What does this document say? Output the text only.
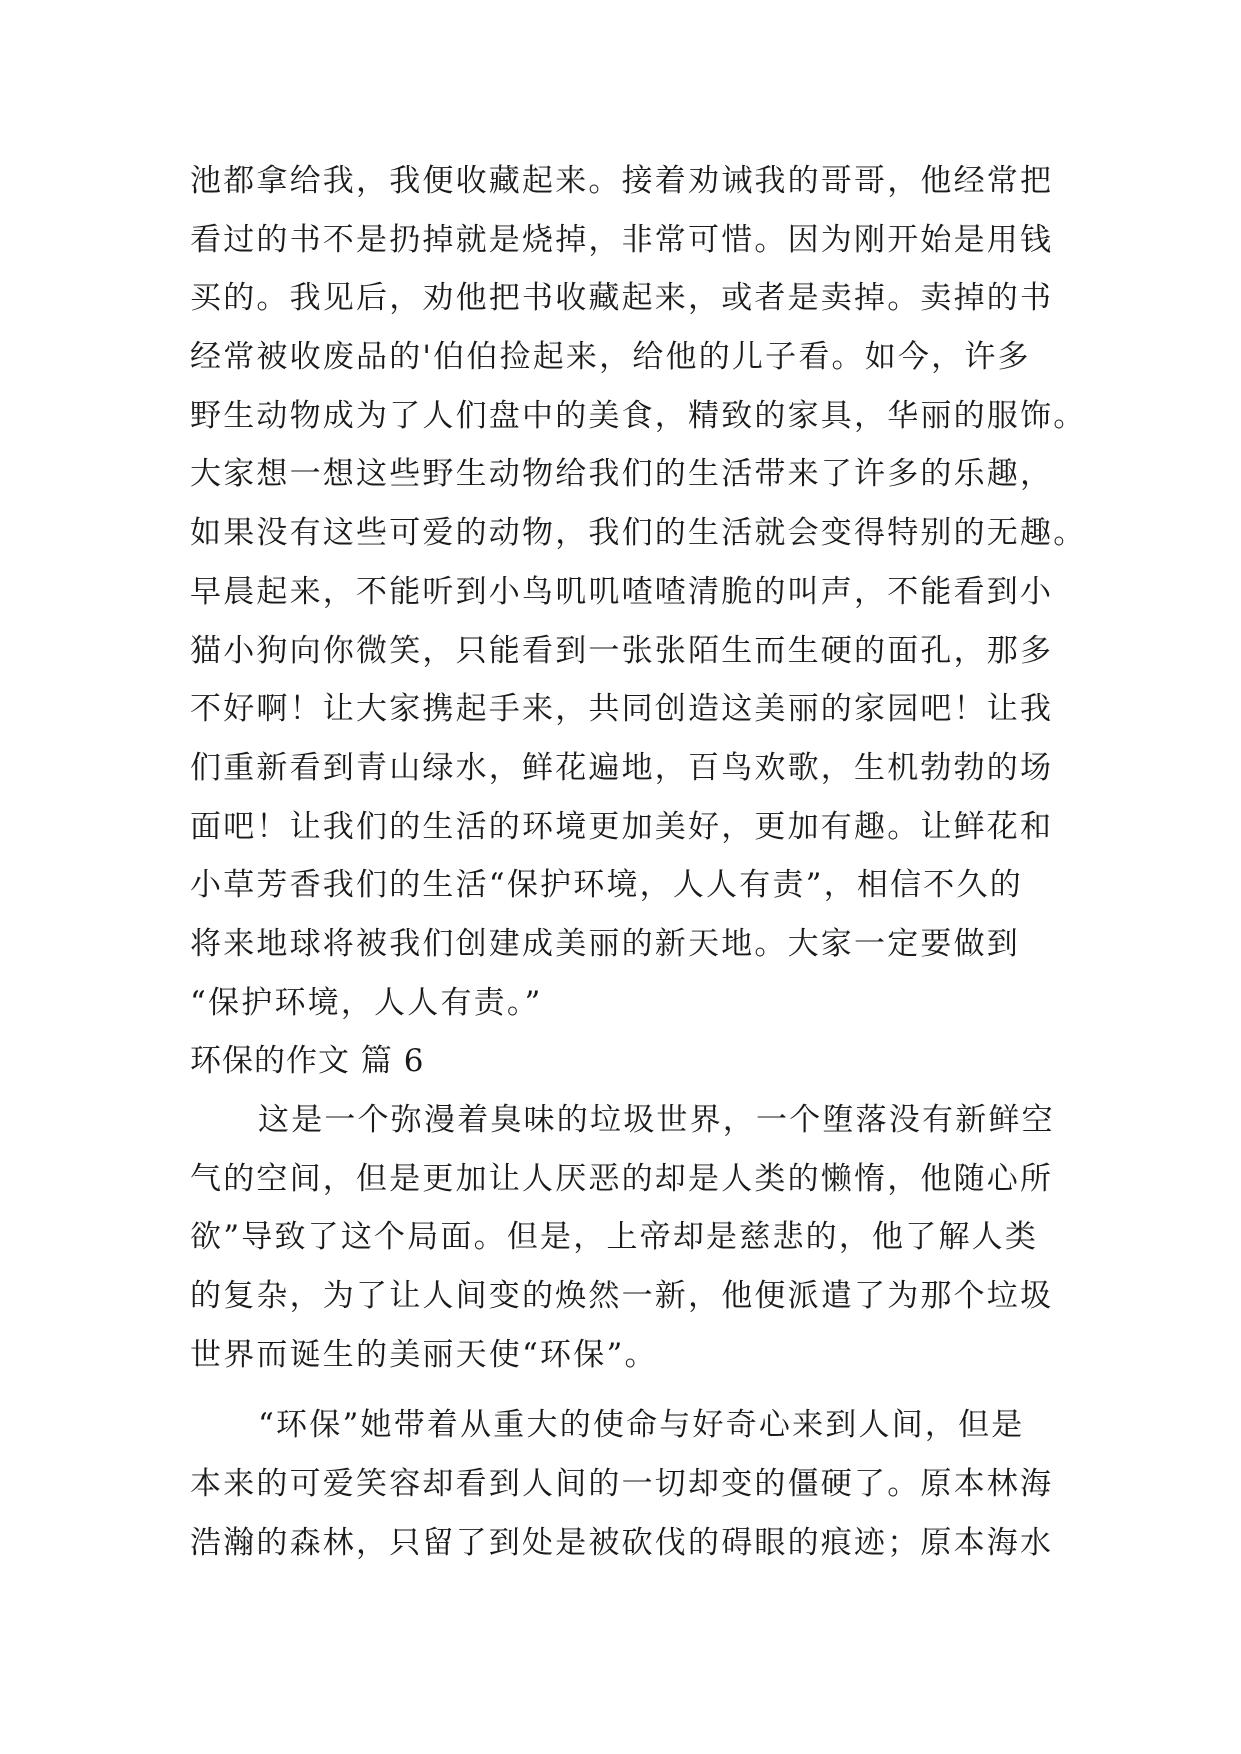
池都拿给我，我便收藏起来。接着劝诫我的哥哥，他经常把
看过的书不是扔掉就是烧掉，非常可惜。因为刚开始是用钱
买的。我见后，劝他把书收藏起来，或者是卖掉。卖掉的书
经常被收废品的'伯伯捡起来，给他的儿子看。如今，许多
野生动物成为了人们盘中的美食，精致的家具，华丽的服饰。
大家想一想这些野生动物给我们的生活带来了许多的乐趣，
如果没有这些可爱的动物，我们的生活就会变得特别的无趣。
早晨起来，不能听到小鸟叽叽喳喳清脆的叫声，不能看到小
猫小狗向你微笑，只能看到一张张陌生而生硬的面孔，那多
不好啊！让大家携起手来，共同创造这美丽的家园吧！让我
们重新看到青山绿水，鲜花遍地，百鸟欢歌，生机勃勃的场
面吧！让我们的生活的环境更加美好，更加有趣。让鲜花和
小草芳香我们的生活“保护环境，人人有责”，相信不久的
将来地球将被我们创建成美丽的新天地。大家一定要做到
“保护环境，人人有责。”
环保的作文 篇 6
这是一个弥漫着臭味的垃圾世界，一个堕落没有新鲜空
气的空间，但是更加让人厌恶的却是人类的懒惰，他随心所
欲”导致了这个局面。但是，上帝却是慈悲的，他了解人类
的复杂，为了让人间变的焕然一新，他便派遣了为那个垃圾
世界而诞生的美丽天使“环保”。
“环保”她带着从重大的使命与好奇心来到人间，但是
本来的可爱笑容却看到人间的一切却变的僵硬了。原本林海
浩瀚的森林，只留了到处是被砍伐的碍眼的痕迹；原本海水
